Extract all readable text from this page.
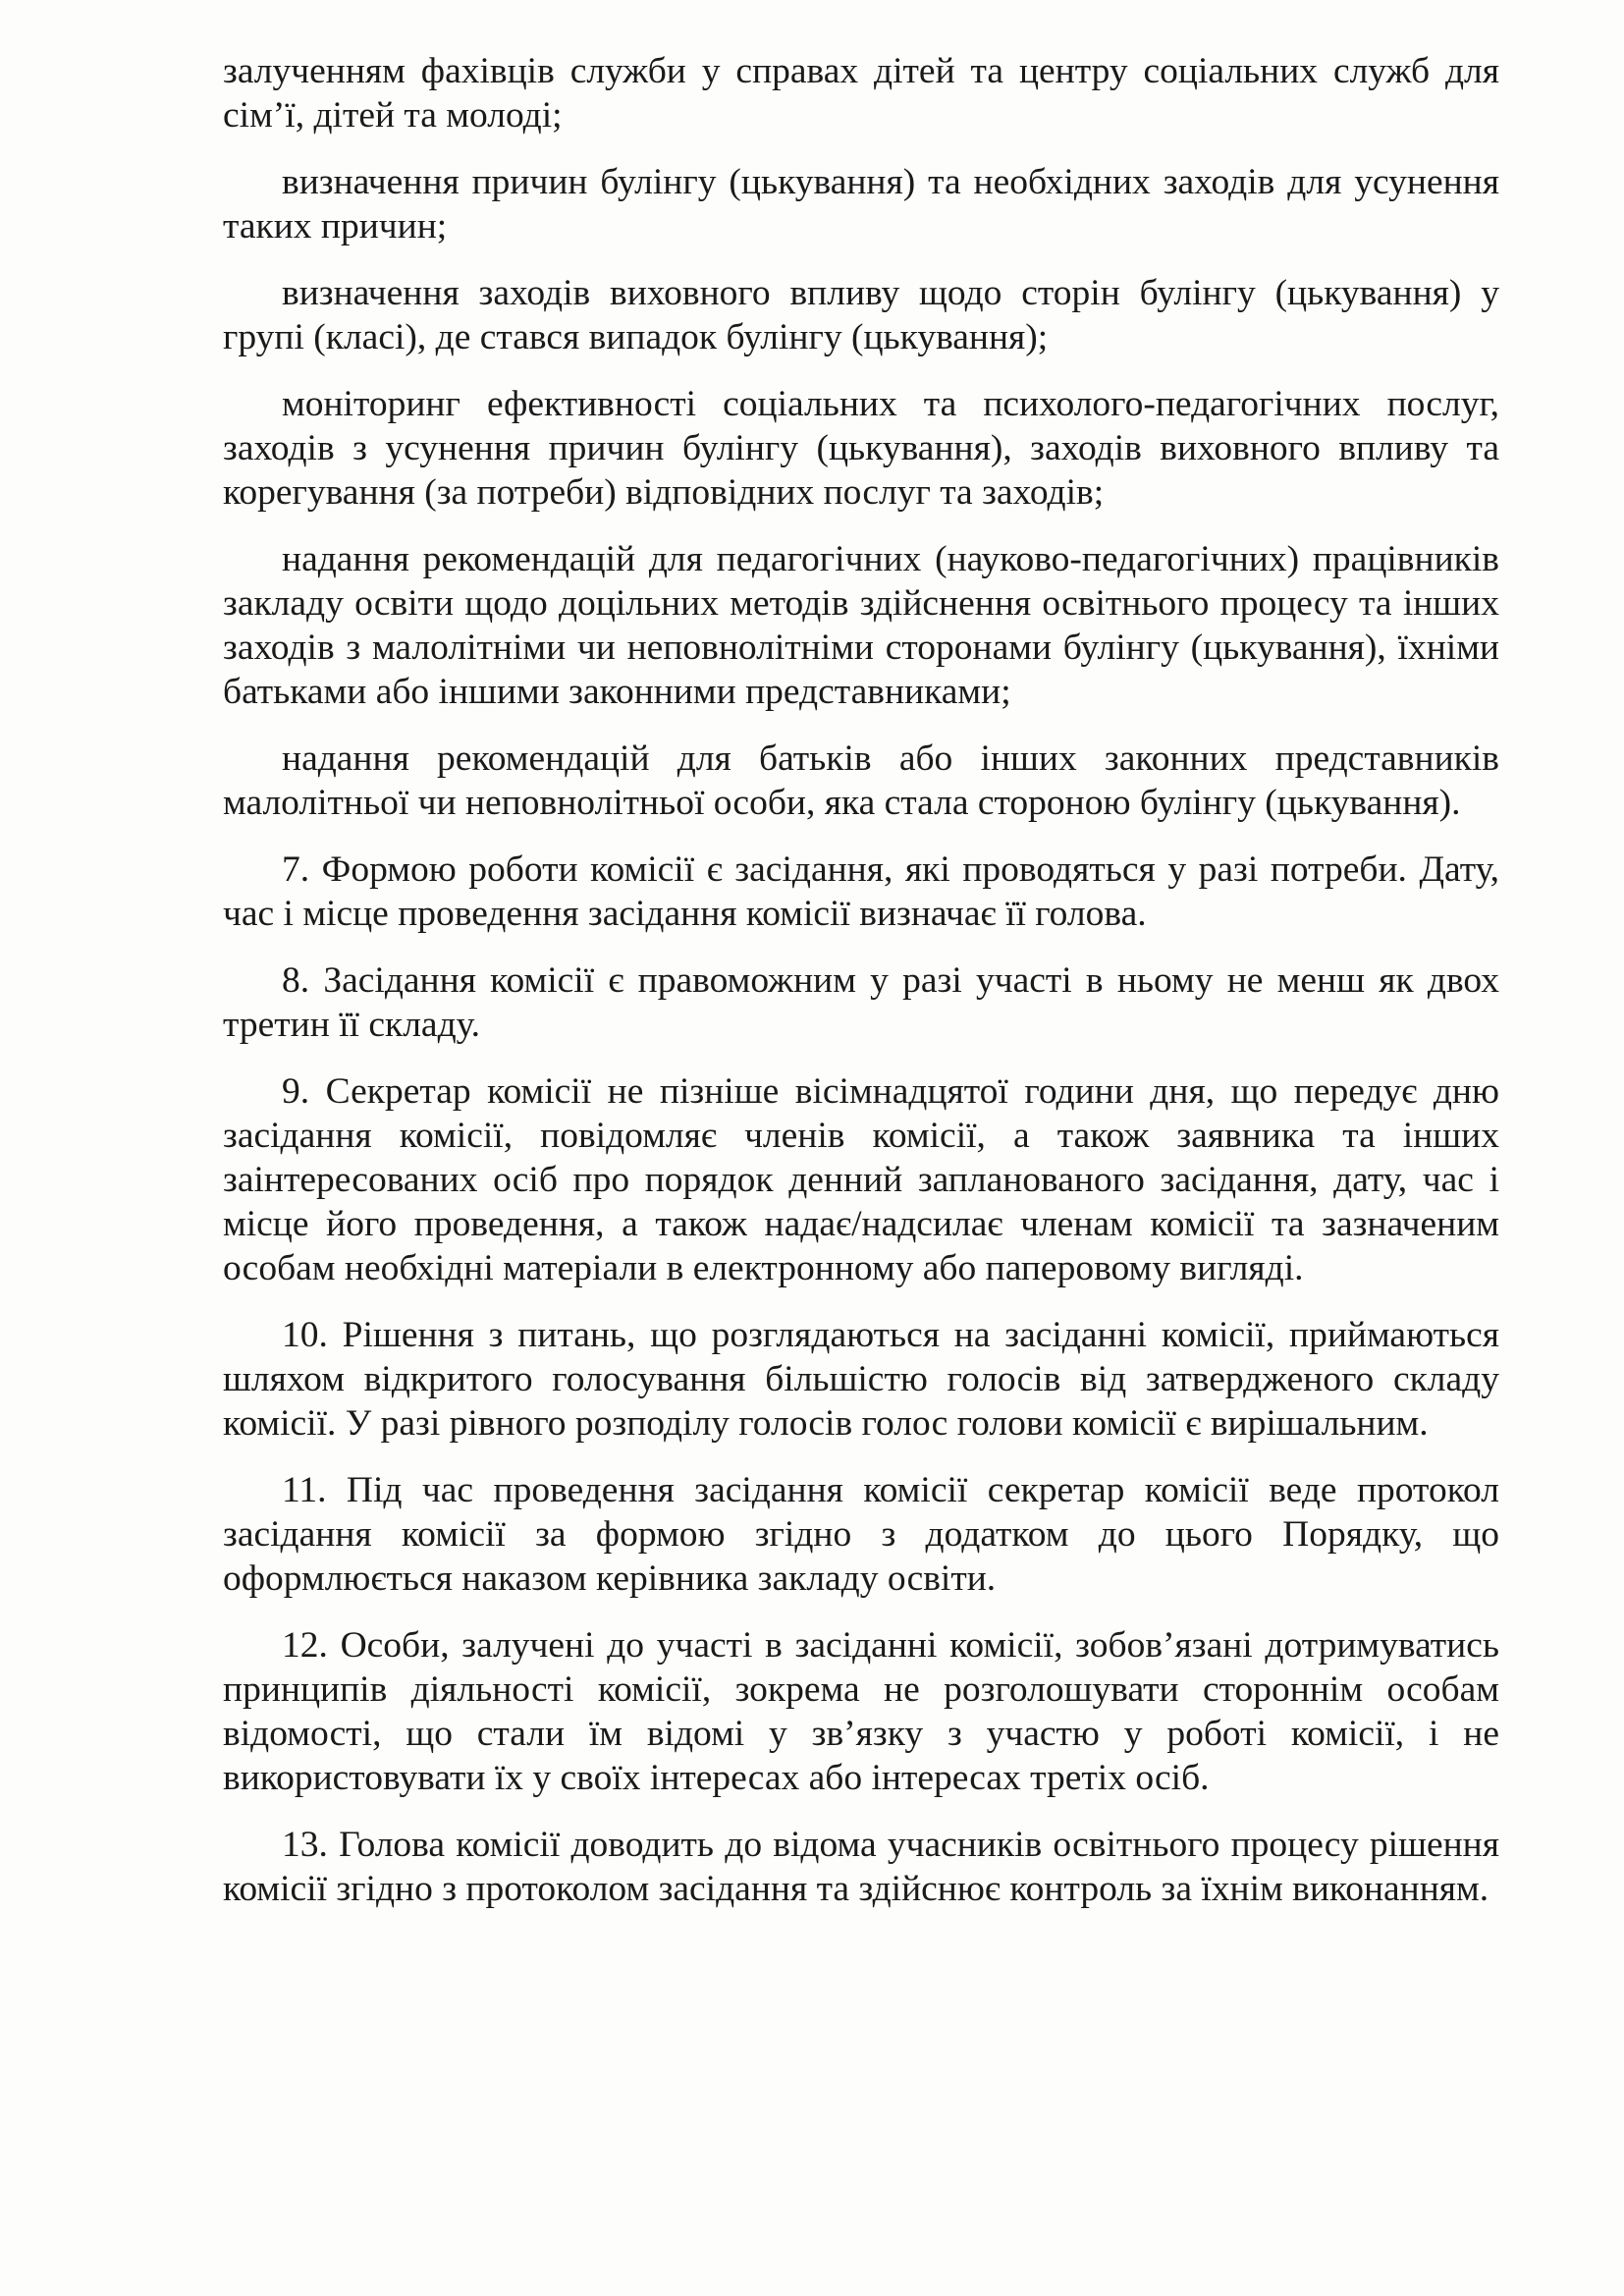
залученням фахівців служби у справах дітей та центру соціальних служб для сім’ї, дітей та молоді;

визначення причин булінгу (цькування) та необхідних заходів для усунення таких причин;

визначення заходів виховного впливу щодо сторін булінгу (цькування) у групі (класі), де стався випадок булінгу (цькування);

моніторинг ефективності соціальних та психолого-педагогічних послуг, заходів з усунення причин булінгу (цькування), заходів виховного впливу та корегування (за потреби) відповідних послуг та заходів;

надання рекомендацій для педагогічних (науково-педагогічних) працівників закладу освіти щодо доцільних методів здійснення освітнього процесу та інших заходів з малолітніми чи неповнолітніми сторонами булінгу (цькування), їхніми батьками або іншими законними представниками;

надання рекомендацій для батьків або інших законних представників малолітньої чи неповнолітньої особи, яка стала стороною булінгу (цькування).

7. Формою роботи комісії є засідання, які проводяться у разі потреби. Дату, час і місце проведення засідання комісії визначає її голова.

8. Засідання комісії є правоможним у разі участі в ньому не менш як двох третин її складу.

9. Секретар комісії не пізніше вісімнадцятої години дня, що передує дню засідання комісії, повідомляє членів комісії, а також заявника та інших заінтересованих осіб про порядок денний запланованого засідання, дату, час і місце його проведення, а також надає/надсилає членам комісії та зазначеним особам необхідні матеріали в електронному або паперовому вигляді.

10. Рішення з питань, що розглядаються на засіданні комісії, приймаються шляхом відкритого голосування більшістю голосів від затвердженого складу комісії. У разі рівного розподілу голосів голос голови комісії є вирішальним.

11. Під час проведення засідання комісії секретар комісії веде протокол засідання комісії за формою згідно з додатком до цього Порядку, що оформлюється наказом керівника закладу освіти.

12. Особи, залучені до участі в засіданні комісії, зобов’язані дотримуватись принципів діяльності комісії, зокрема не розголошувати стороннім особам відомості, що стали їм відомі у зв’язку з участю у роботі комісії, і не використовувати їх у своїх інтересах або інтересах третіх осіб.

13. Голова комісії доводить до відома учасників освітнього процесу рішення комісії згідно з протоколом засідання та здійснює контроль за їхнім виконанням.
